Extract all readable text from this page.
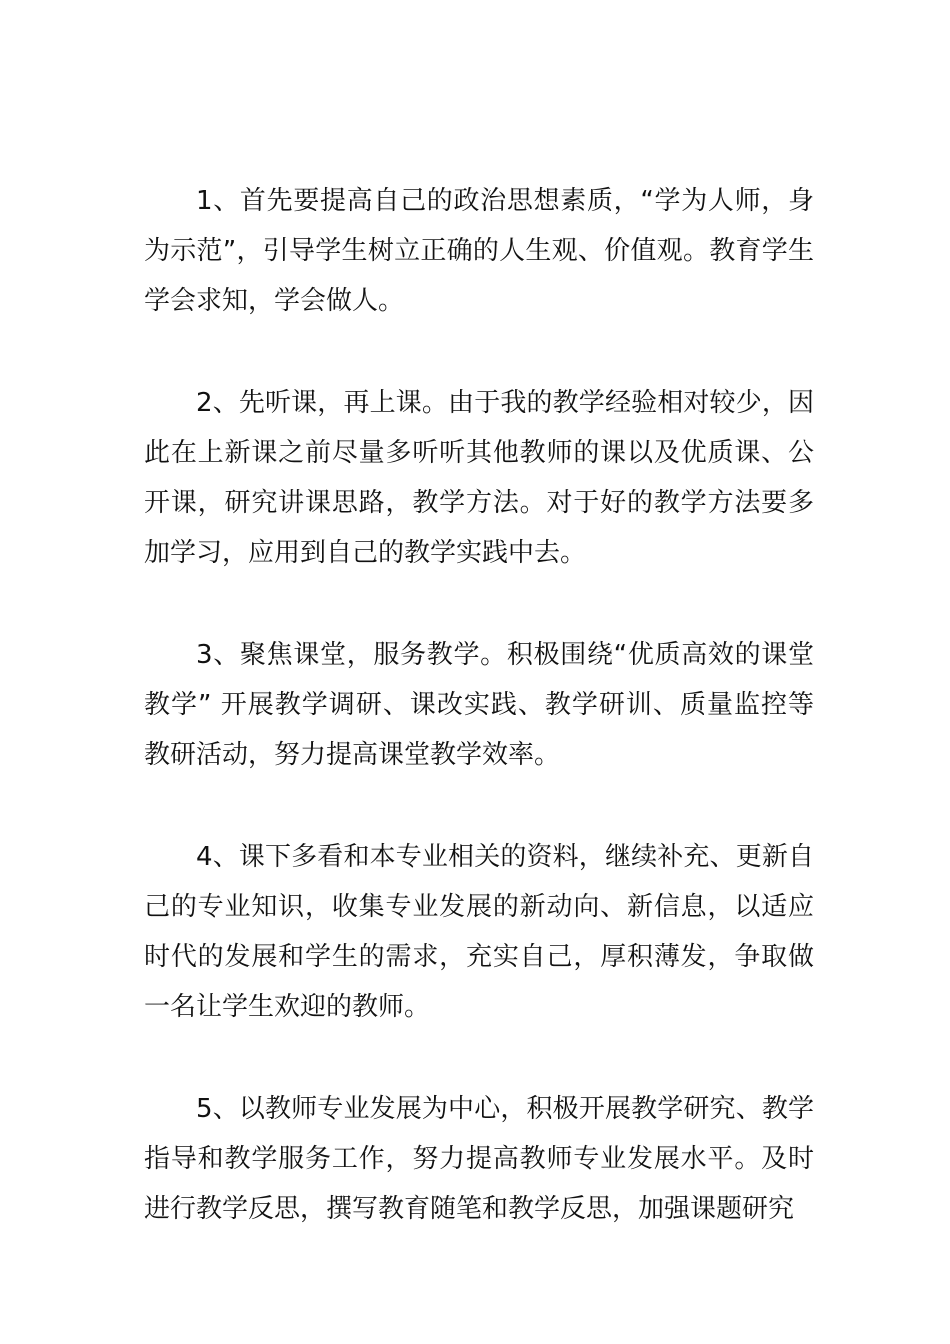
1、首先要提高自己的政治思想素质，“学为人师，身为示范”，引导学生树立正确的人生观、价值观。教育学生学会求知，学会做人。

2、先听课，再上课。由于我的教学经验相对较少，因此在上新课之前尽量多听听其他教师的课以及优质课、公开课，研究讲课思路，教学方法。对于好的教学方法要多加学习，应用到自己的教学实践中去。

3、聚焦课堂，服务教学。积极围绕“优质高效的课堂教学” 开展教学调研、课改实践、教学研训、质量监控等教研活动，努力提高课堂教学效率。

4、课下多看和本专业相关的资料，继续补充、更新自己的专业知识，收集专业发展的新动向、新信息，以适应时代的发展和学生的需求，充实自己，厚积薄发，争取做一名让学生欢迎的教师。

5、以教师专业发展为中心，积极开展教学研究、教学指导和教学服务工作，努力提高教师专业发展水平。及时进行教学反思，撰写教育随笔和教学反思，加强课题研究
